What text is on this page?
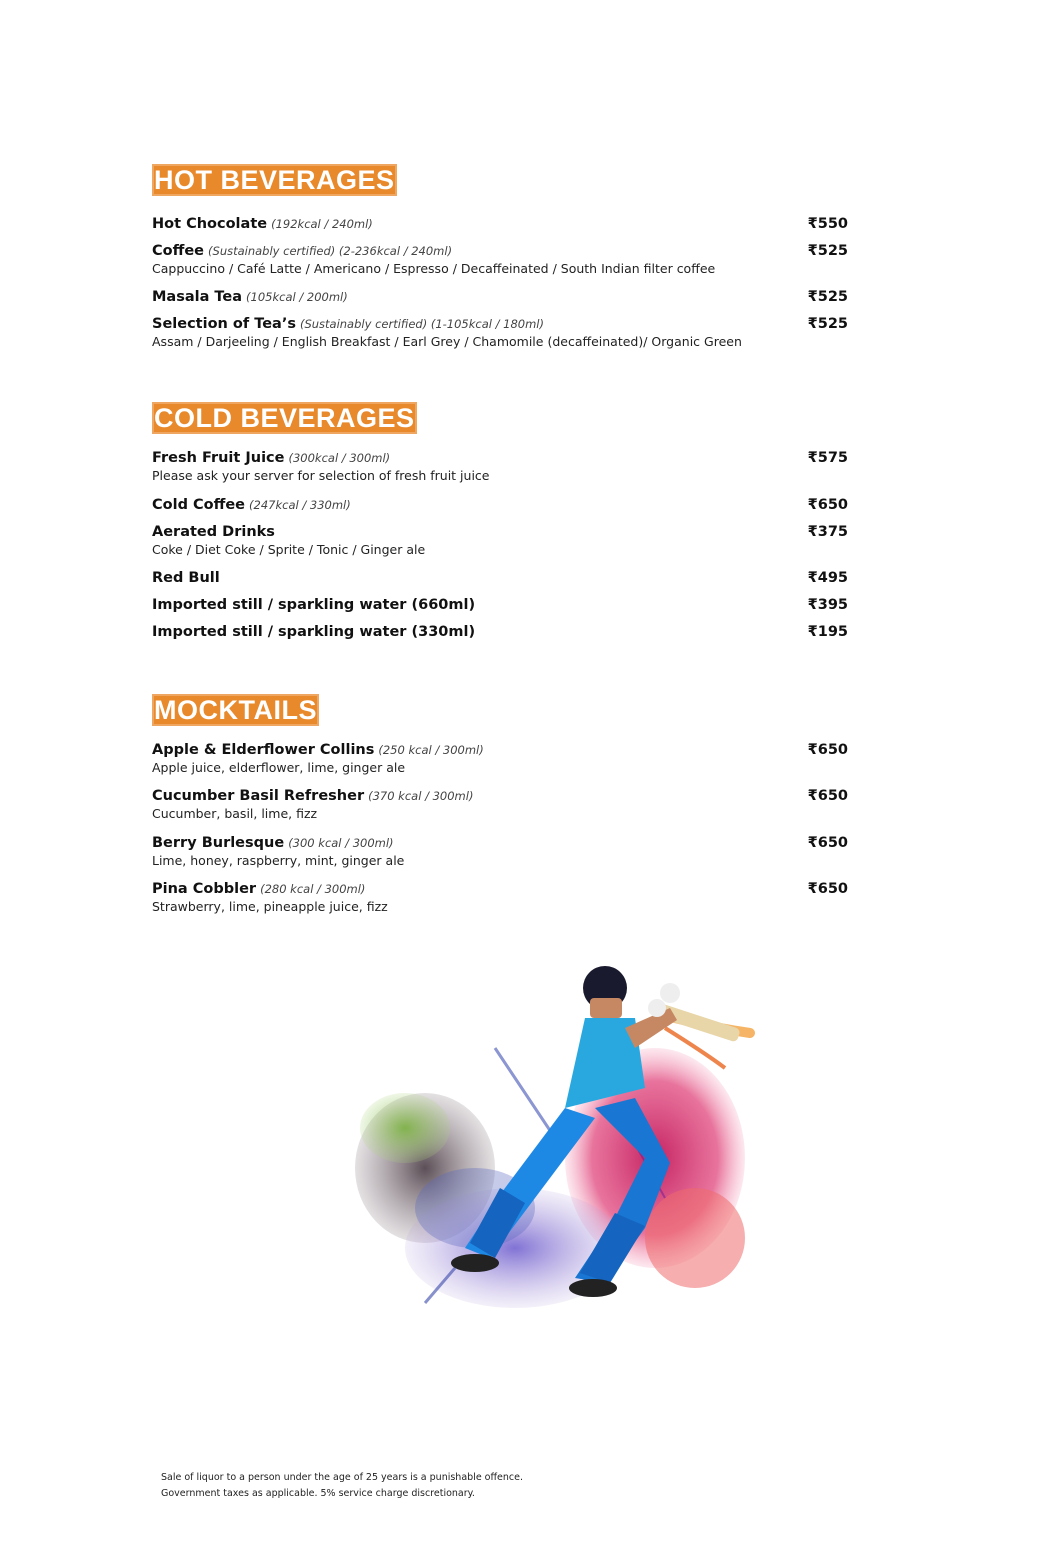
HOT BEVERAGES
Hot Chocolate (192kcal / 240ml)	₹550
Coffee (Sustainably certified) (2-236kcal / 240ml)	₹525
Cappuccino / Café Latte / Americano / Espresso / Decaffeinated / South Indian filter coffee
Masala Tea (105kcal / 200ml)	₹525
Selection of Tea’s (Sustainably certified) (1-105kcal / 180ml)	₹525
Assam / Darjeeling / English Breakfast / Earl Grey / Chamomile (decaffeinated)/ Organic Green
COLD BEVERAGES
Fresh Fruit Juice (300kcal / 300ml)	₹575
Please ask your server for selection of fresh fruit juice
Cold Coffee (247kcal / 330ml)	₹650
Aerated Drinks	₹375
Coke / Diet Coke / Sprite / Tonic / Ginger ale
Red Bull	₹495
Imported still / sparkling water (660ml)	₹395
Imported still / sparkling water (330ml)	₹195
MOCKTAILS
Apple & Elderflower Collins (250 kcal / 300ml)	₹650
Apple juice, elderflower, lime, ginger ale
Cucumber Basil Refresher (370 kcal / 300ml)	₹650
Cucumber, basil, lime, fizz
Berry Burlesque (300 kcal / 300ml)	₹650
Lime, honey, raspberry, mint, ginger ale
Pina Cobbler (280 kcal / 300ml)	₹650
Strawberry, lime, pineapple juice, fizz
Sale of liquor to a person under the age of 25 years is a punishable offence.
Government taxes as applicable. 5% service charge discretionary.
